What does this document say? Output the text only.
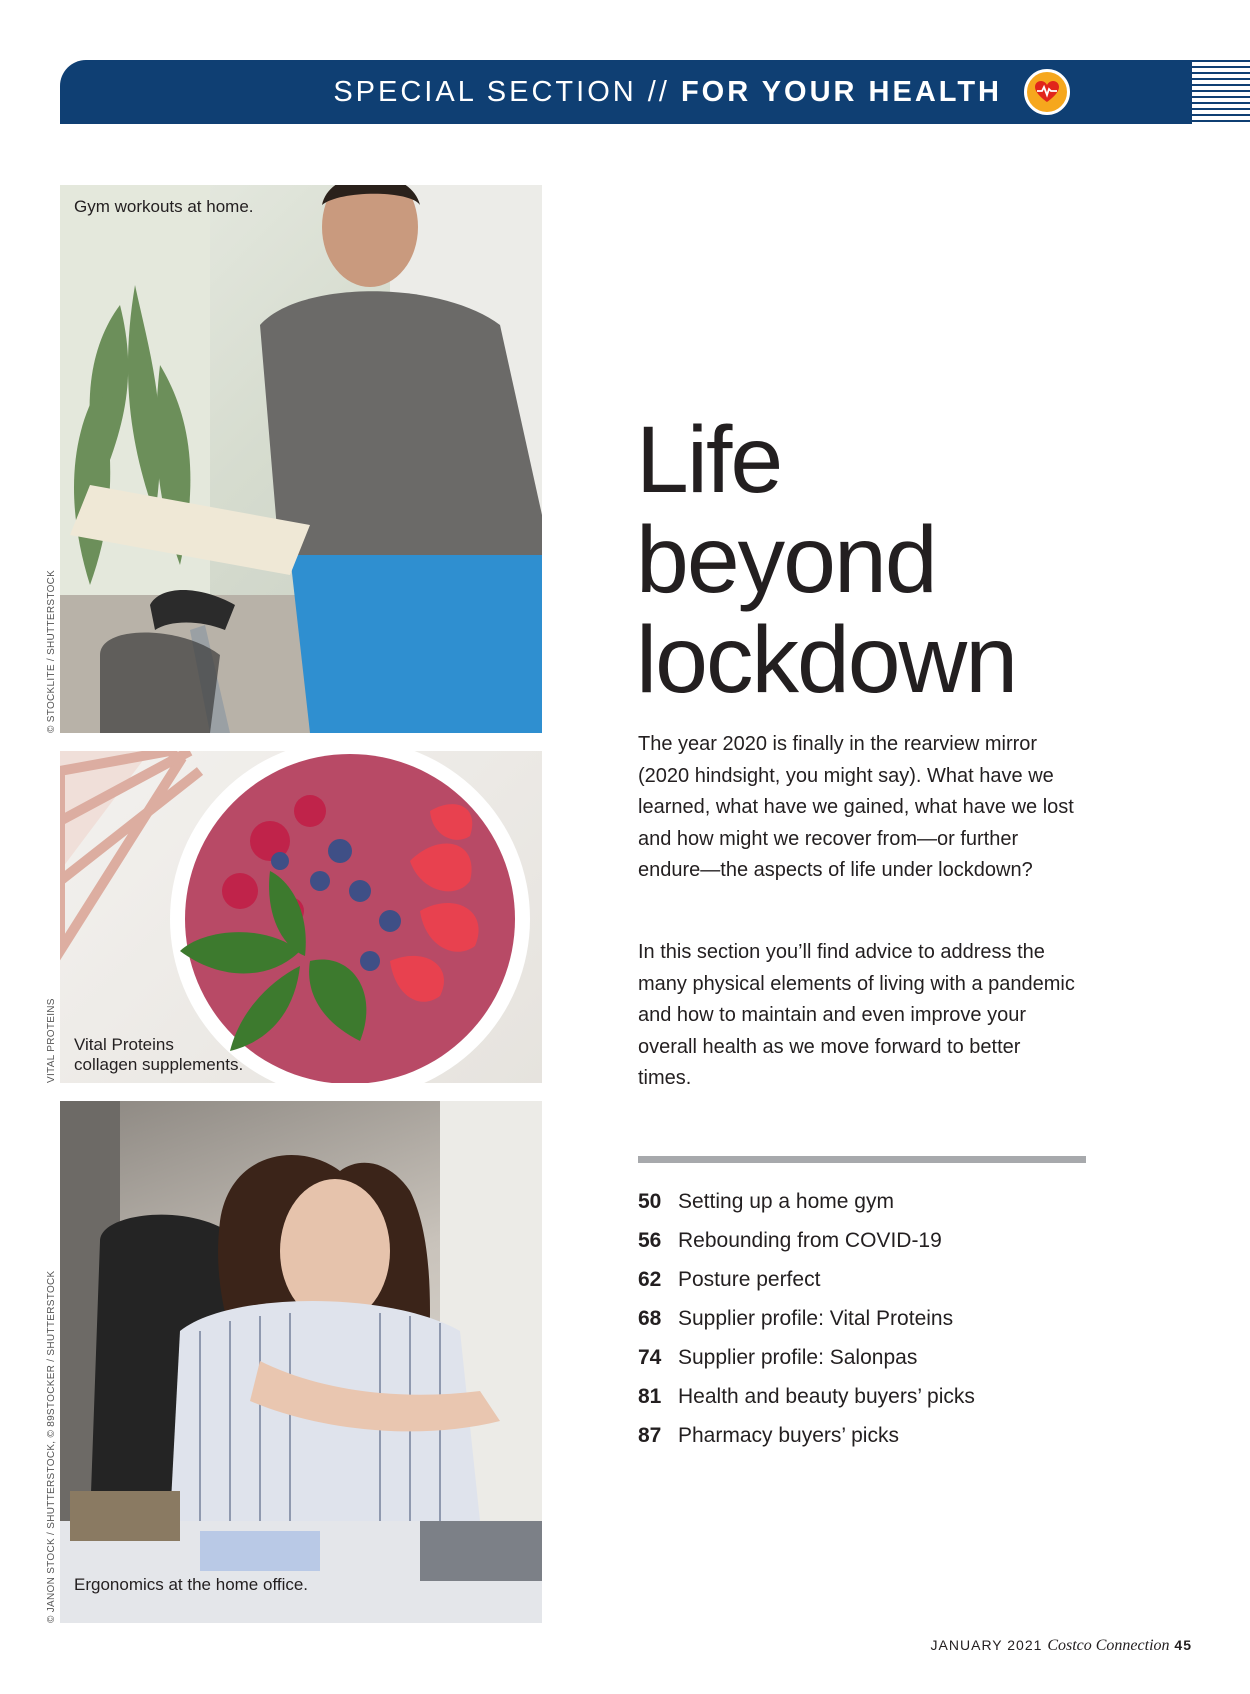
SPECIAL SECTION // FOR YOUR HEALTH
Gym workouts at home.
© STOCKLITE / SHUTTERSTOCK
Vital Proteins
collagen supplements.
VITAL PROTEINS
Ergonomics at the home office.
© JANON STOCK / SHUTTERSTOCK, © 89STOCKER / SHUTTERSTOCK
Life
beyond
lockdown

The year 2020 is finally in the rearview mirror (2020 hindsight, you might say). What have we learned, what have we gained, what have we lost and how might we recover from—or further endure—the aspects of life under lockdown?

In this section you’ll find advice to address the many physical elements of living with a pandemic and how to maintain and even improve your overall health as we move forward to better times.

50 Setting up a home gym
56 Rebounding from COVID-19
62 Posture perfect
68 Supplier profile: Vital Proteins
74 Supplier profile: Salonpas
81 Health and beauty buyers’ picks
87 Pharmacy buyers’ picks
JANUARY 2021 Costco Connection 45
